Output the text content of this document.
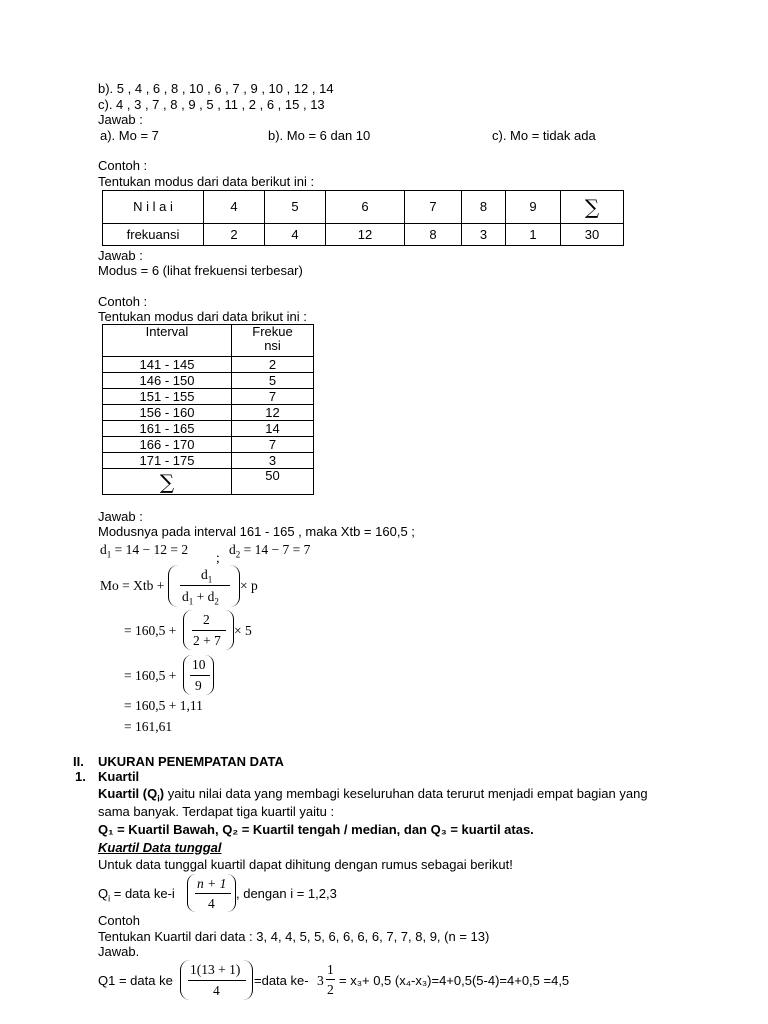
b). 5 , 4 , 6 , 8 , 10 , 6 , 7 , 9 , 10 , 12 , 14
c). 4 , 3 , 7 , 8 , 9 , 5 , 11 , 2 , 6 , 15 , 13
Jawab :
a). Mo = 7	b). Mo = 6 dan 10	c). Mo = tidak ada
Contoh :
Tentukan modus dari data berikut ini :
N i l a i	4	5	6	7	8	9	∑
frekuansi	2	4	12	8	3	1	30
Jawab :
Modus = 6 (lihat frekuensi terbesar)
Contoh :
Tentukan modus dari data brikut ini :
Interval	Frekue
nsi

141 - 145	2
146 - 150	5
151 - 155	7
156 - 160	12
161 - 165	14
166 - 170	7
171 - 175	3
∑	50
Jawab :
Modusnya pada interval 161 - 165 , maka Xtb = 160,5 ;
$d_1 = 14 - 12 = 2$
;
$d_2 = 14 - 7 = 7$
Mo = Xtb +
$d_1$
$d_1 + d_2$
× p
= 160,5 +
2
2 + 7
× 5
= 160,5 +
10
9
= 160,5 + 1,11
= 161,61
II. UKURAN PENEMPATAN DATA
1. Kuartil
Kuartil $(Q_i)$ yaitu nilai data yang membagi keseluruhan data terurut menjadi empat bagian yang
sama banyak. Terdapat tiga kuartil yaitu :
Q₁ = Kuartil Bawah, Q₂ = Kuartil tengah / median, dan Q₃ = kuartil atas.
Kuartil Data tunggal
Untuk data tunggal kuartil dapat dihitung dengan rumus sebagai berikut!
$Q_i$ = data ke-i
n + 1
4
, dengan i = 1,2,3
Contoh
Tentukan Kuartil dari data : 3, 4, 4, 5, 5, 6, 6, 6, 6, 7, 7, 8, 9, (n = 13)
Jawab.
Q1 = data ke
1(13 + 1)
4
=data ke- 3
1
2
= x₃+ 0,5 (x₄-x₃)=4+0,5(5-4)=4+0,5 =4,5
